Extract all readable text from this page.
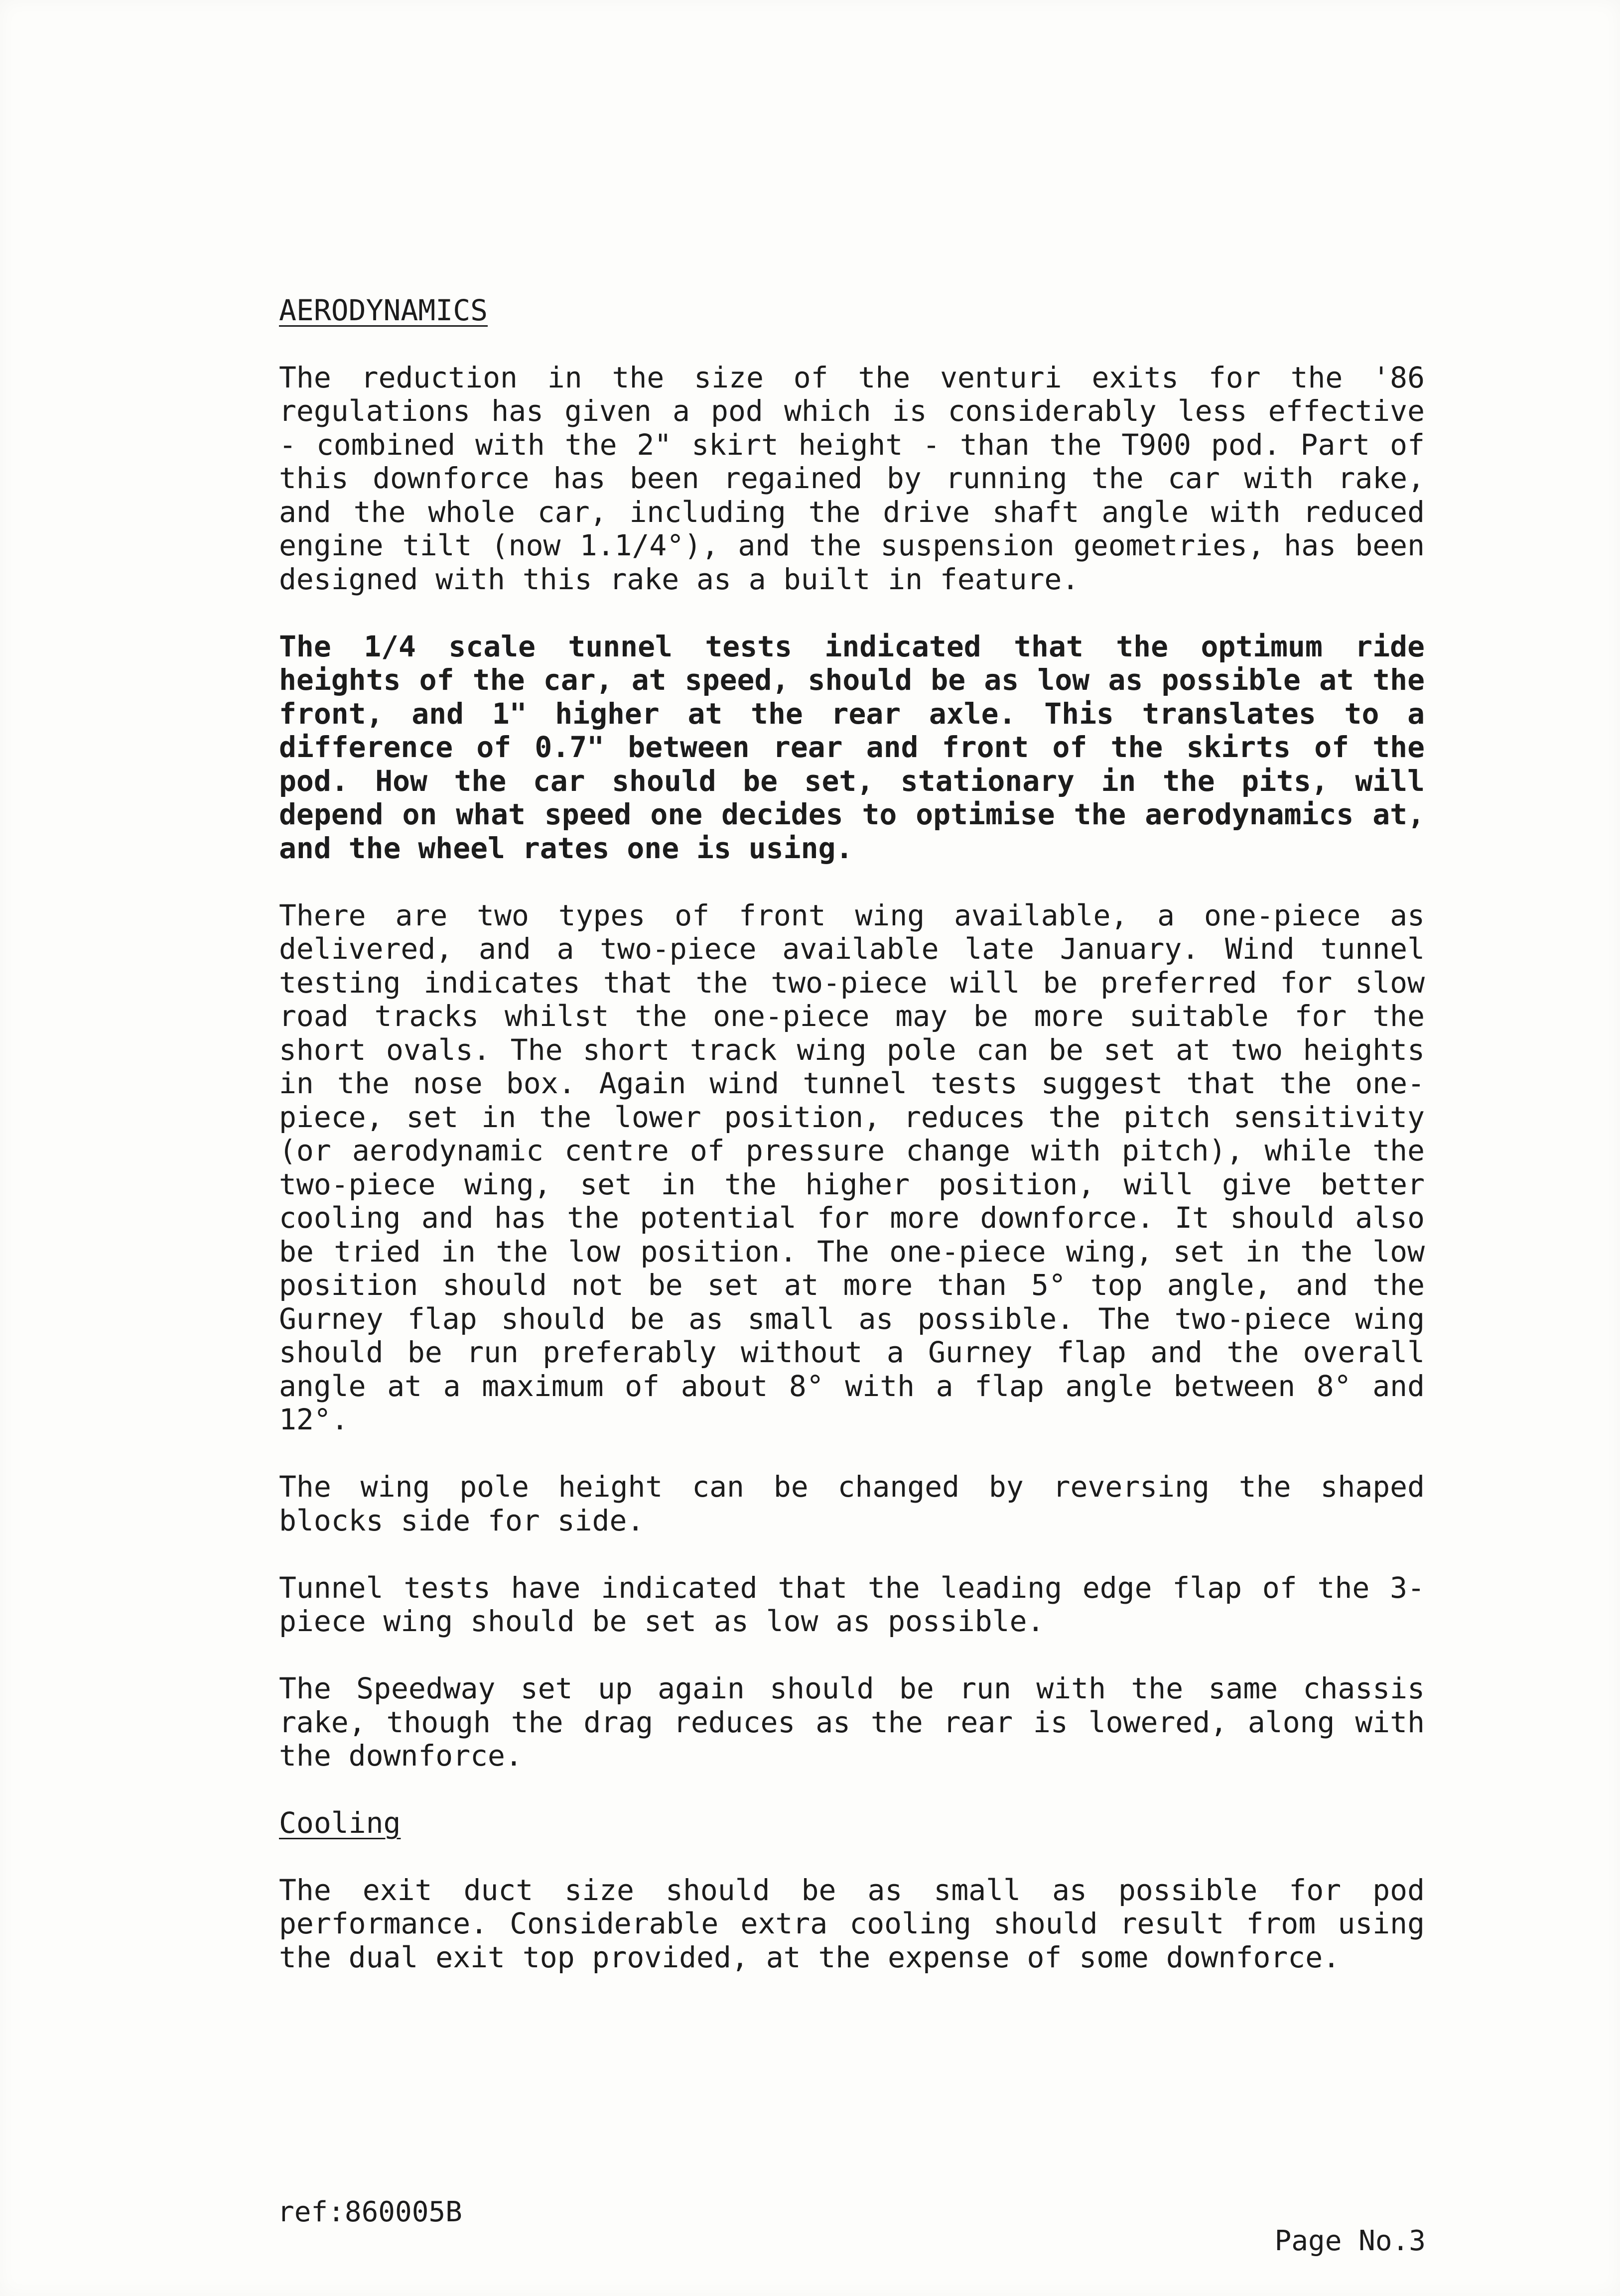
AERODYNAMICS

The reduction in the size of the venturi exits for the '86 regulations has given a pod which is considerably less effective - combined with the 2" skirt height - than the T900 pod. Part of this downforce has been regained by running the car with rake, and the whole car, including the drive shaft angle with reduced engine tilt (now 1.1/4°), and the suspension geometries, has been designed with this rake as a built in feature.

The 1/4 scale tunnel tests indicated that the optimum ride heights of the car, at speed, should be as low as possible at the front, and 1" higher at the rear axle. This translates to a difference of 0.7" between rear and front of the skirts of the pod. How the car should be set, stationary in the pits, will depend on what speed one decides to optimise the aerodynamics at, and the wheel rates one is using.

There are two types of front wing available, a one-piece as delivered, and a two-piece available late January. Wind tunnel testing indicates that the two-piece will be preferred for slow road tracks whilst the one-piece may be more suitable for the short ovals. The short track wing pole can be set at two heights in the nose box. Again wind tunnel tests suggest that the one-piece, set in the lower position, reduces the pitch sensitivity (or aerodynamic centre of pressure change with pitch), while the two-piece wing, set in the higher position, will give better cooling and has the potential for more downforce. It should also be tried in the low position. The one-piece wing, set in the low position should not be set at more than 5° top angle, and the Gurney flap should be as small as possible. The two-piece wing should be run preferably without a Gurney flap and the overall angle at a maximum of about 8° with a flap angle between 8° and 12°.

The wing pole height can be changed by reversing the shaped blocks side for side.

Tunnel tests have indicated that the leading edge flap of the 3-piece wing should be set as low as possible.

The Speedway set up again should be run with the same chassis rake, though the drag reduces as the rear is lowered, along with the downforce.

Cooling

The exit duct size should be as small as possible for pod performance. Considerable extra cooling should result from using the dual exit top provided, at the expense of some downforce.

ref:860005B
Page No.3
